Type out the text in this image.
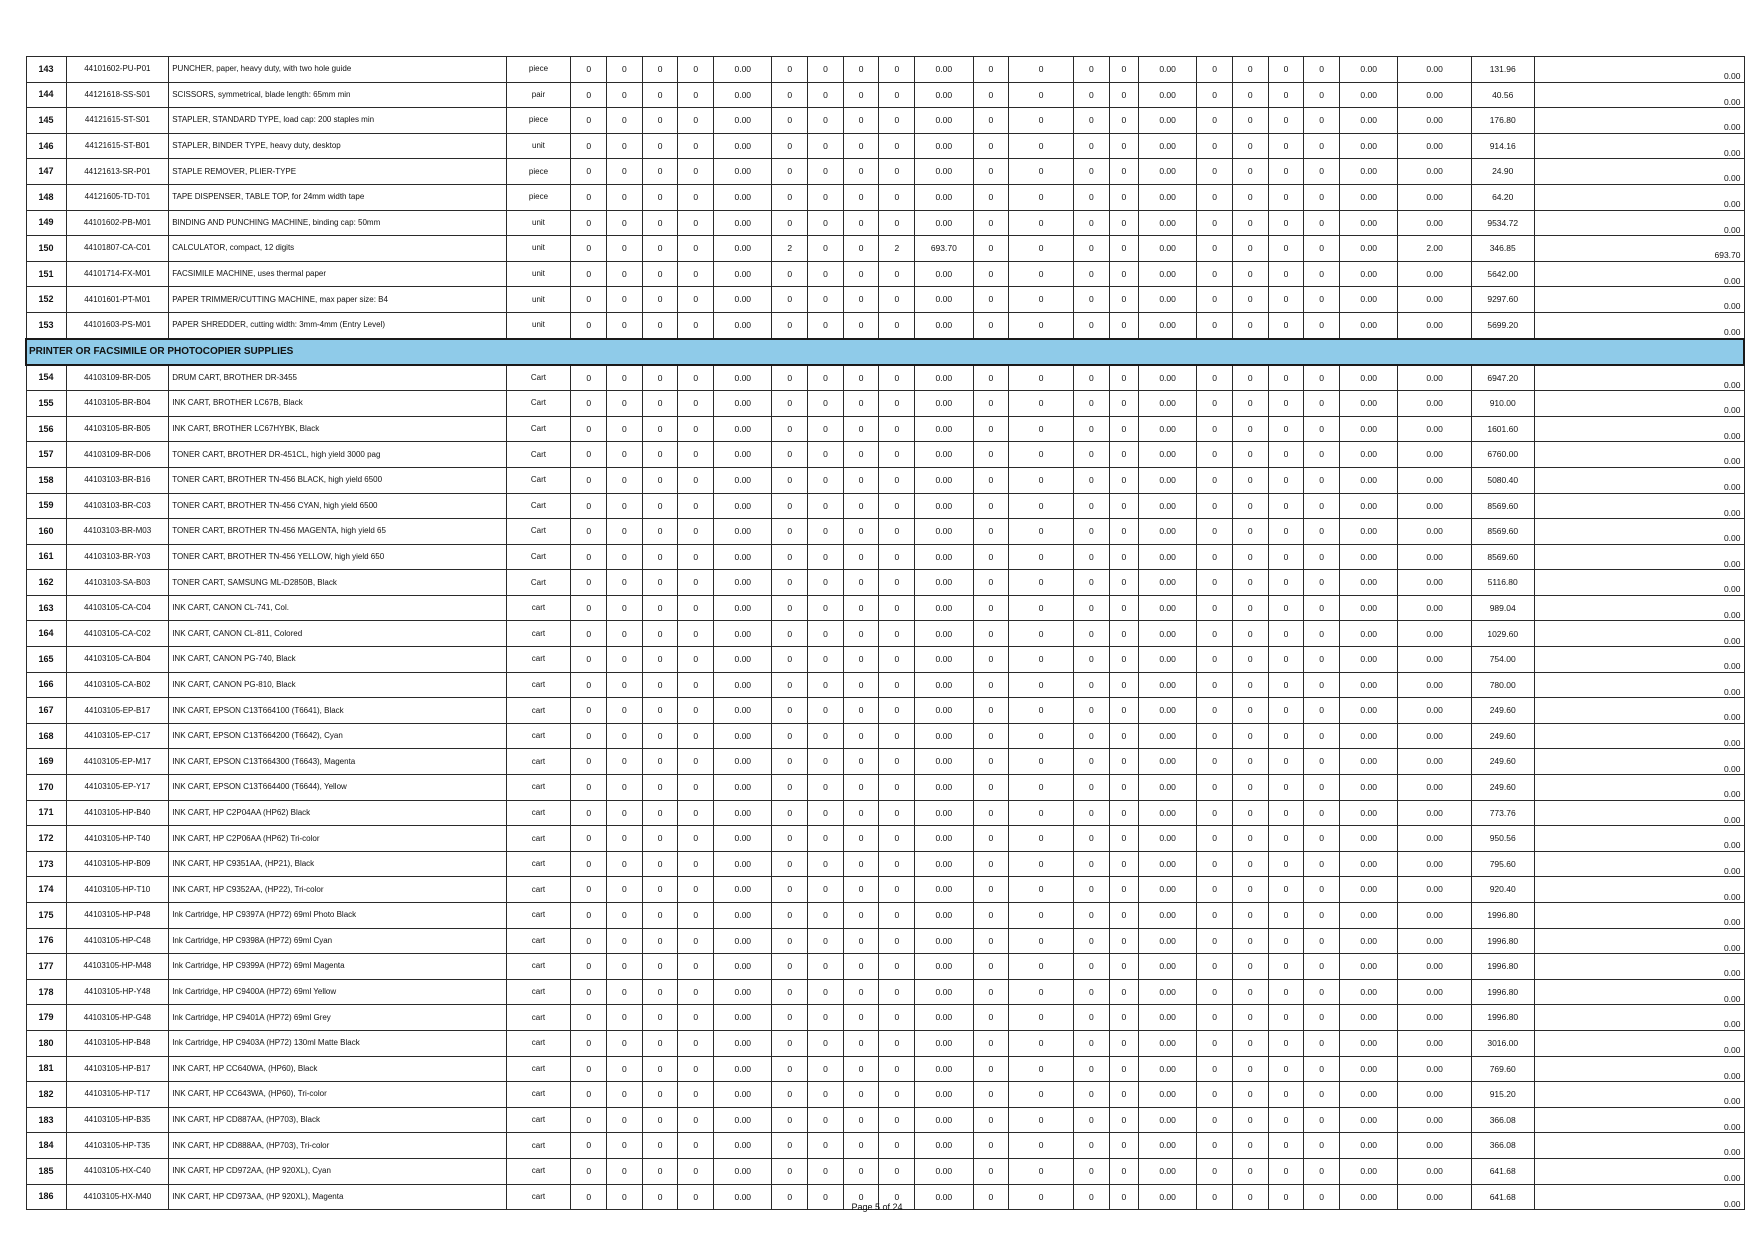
143	44101602-PU-P01	PUNCHER, paper, heavy duty, with two hole guide	piece	0	0	0	0	0.00	0	0	0	0	0.00	0	0	0	0	0.00	0	0	0	0	0.00	0.00	131.96	0.00
144	44121618-SS-S01	SCISSORS, symmetrical, blade length: 65mm min	pair	0	0	0	0	0.00	0	0	0	0	0.00	0	0	0	0	0.00	0	0	0	0	0.00	0.00	40.56	0.00
145	44121615-ST-S01	STAPLER, STANDARD TYPE, load cap: 200 staples min	piece	0	0	0	0	0.00	0	0	0	0	0.00	0	0	0	0	0.00	0	0	0	0	0.00	0.00	176.80	0.00
146	44121615-ST-B01	STAPLER, BINDER TYPE, heavy duty, desktop	unit	0	0	0	0	0.00	0	0	0	0	0.00	0	0	0	0	0.00	0	0	0	0	0.00	0.00	914.16	0.00
147	44121613-SR-P01	STAPLE REMOVER, PLIER-TYPE	piece	0	0	0	0	0.00	0	0	0	0	0.00	0	0	0	0	0.00	0	0	0	0	0.00	0.00	24.90	0.00
148	44121605-TD-T01	TAPE DISPENSER, TABLE TOP, for 24mm width tape	piece	0	0	0	0	0.00	0	0	0	0	0.00	0	0	0	0	0.00	0	0	0	0	0.00	0.00	64.20	0.00
149	44101602-PB-M01	BINDING AND PUNCHING MACHINE, binding cap: 50mm	unit	0	0	0	0	0.00	0	0	0	0	0.00	0	0	0	0	0.00	0	0	0	0	0.00	0.00	9534.72	0.00
150	44101807-CA-C01	CALCULATOR, compact, 12 digits	unit	0	0	0	0	0.00	2	0	0	2	693.70	0	0	0	0	0.00	0	0	0	0	0.00	2.00	346.85	693.70
151	44101714-FX-M01	FACSIMILE MACHINE, uses thermal paper	unit	0	0	0	0	0.00	0	0	0	0	0.00	0	0	0	0	0.00	0	0	0	0	0.00	0.00	5642.00	0.00
152	44101601-PT-M01	PAPER TRIMMER/CUTTING MACHINE, max paper size: B4	unit	0	0	0	0	0.00	0	0	0	0	0.00	0	0	0	0	0.00	0	0	0	0	0.00	0.00	9297.60	0.00
153	44101603-PS-M01	PAPER SHREDDER, cutting width: 3mm-4mm (Entry Level)	unit	0	0	0	0	0.00	0	0	0	0	0.00	0	0	0	0	0.00	0	0	0	0	0.00	0.00	5699.20	0.00
PRINTER OR FACSIMILE OR PHOTOCOPIER SUPPLIES																										
154	44103109-BR-D05	DRUM CART, BROTHER DR-3455	Cart	0	0	0	0	0.00	0	0	0	0	0.00	0	0	0	0	0.00	0	0	0	0	0.00	0.00	6947.20	0.00
155	44103105-BR-B04	INK CART, BROTHER LC67B, Black	Cart	0	0	0	0	0.00	0	0	0	0	0.00	0	0	0	0	0.00	0	0	0	0	0.00	0.00	910.00	0.00
156	44103105-BR-B05	INK CART, BROTHER LC67HYBK, Black	Cart	0	0	0	0	0.00	0	0	0	0	0.00	0	0	0	0	0.00	0	0	0	0	0.00	0.00	1601.60	0.00
157	44103109-BR-D06	TONER CART, BROTHER DR-451CL, high yield 3000 pag	Cart	0	0	0	0	0.00	0	0	0	0	0.00	0	0	0	0	0.00	0	0	0	0	0.00	0.00	6760.00	0.00
158	44103103-BR-B16	TONER CART, BROTHER TN-456 BLACK, high yield 6500	Cart	0	0	0	0	0.00	0	0	0	0	0.00	0	0	0	0	0.00	0	0	0	0	0.00	0.00	5080.40	0.00
159	44103103-BR-C03	TONER CART, BROTHER TN-456 CYAN, high yield 6500	Cart	0	0	0	0	0.00	0	0	0	0	0.00	0	0	0	0	0.00	0	0	0	0	0.00	0.00	8569.60	0.00
160	44103103-BR-M03	TONER CART, BROTHER TN-456 MAGENTA, high yield 65	Cart	0	0	0	0	0.00	0	0	0	0	0.00	0	0	0	0	0.00	0	0	0	0	0.00	0.00	8569.60	0.00
161	44103103-BR-Y03	TONER CART, BROTHER TN-456 YELLOW, high yield 650	Cart	0	0	0	0	0.00	0	0	0	0	0.00	0	0	0	0	0.00	0	0	0	0	0.00	0.00	8569.60	0.00
162	44103103-SA-B03	TONER CART, SAMSUNG ML-D2850B, Black	Cart	0	0	0	0	0.00	0	0	0	0	0.00	0	0	0	0	0.00	0	0	0	0	0.00	0.00	5116.80	0.00
163	44103105-CA-C04	INK CART, CANON CL-741, Col.	cart	0	0	0	0	0.00	0	0	0	0	0.00	0	0	0	0	0.00	0	0	0	0	0.00	0.00	989.04	0.00
164	44103105-CA-C02	INK CART, CANON CL-811, Colored	cart	0	0	0	0	0.00	0	0	0	0	0.00	0	0	0	0	0.00	0	0	0	0	0.00	0.00	1029.60	0.00
165	44103105-CA-B04	INK CART, CANON PG-740, Black	cart	0	0	0	0	0.00	0	0	0	0	0.00	0	0	0	0	0.00	0	0	0	0	0.00	0.00	754.00	0.00
166	44103105-CA-B02	INK CART, CANON PG-810, Black	cart	0	0	0	0	0.00	0	0	0	0	0.00	0	0	0	0	0.00	0	0	0	0	0.00	0.00	780.00	0.00
167	44103105-EP-B17	INK CART, EPSON C13T664100 (T6641), Black	cart	0	0	0	0	0.00	0	0	0	0	0.00	0	0	0	0	0.00	0	0	0	0	0.00	0.00	249.60	0.00
168	44103105-EP-C17	INK CART, EPSON C13T664200 (T6642), Cyan	cart	0	0	0	0	0.00	0	0	0	0	0.00	0	0	0	0	0.00	0	0	0	0	0.00	0.00	249.60	0.00
169	44103105-EP-M17	INK CART, EPSON C13T664300 (T6643), Magenta	cart	0	0	0	0	0.00	0	0	0	0	0.00	0	0	0	0	0.00	0	0	0	0	0.00	0.00	249.60	0.00
170	44103105-EP-Y17	INK CART, EPSON C13T664400 (T6644), Yellow	cart	0	0	0	0	0.00	0	0	0	0	0.00	0	0	0	0	0.00	0	0	0	0	0.00	0.00	249.60	0.00
171	44103105-HP-B40	INK CART, HP C2P04AA (HP62) Black	cart	0	0	0	0	0.00	0	0	0	0	0.00	0	0	0	0	0.00	0	0	0	0	0.00	0.00	773.76	0.00
172	44103105-HP-T40	INK CART, HP C2P06AA (HP62) Tri-color	cart	0	0	0	0	0.00	0	0	0	0	0.00	0	0	0	0	0.00	0	0	0	0	0.00	0.00	950.56	0.00
173	44103105-HP-B09	INK CART, HP C9351AA, (HP21), Black	cart	0	0	0	0	0.00	0	0	0	0	0.00	0	0	0	0	0.00	0	0	0	0	0.00	0.00	795.60	0.00
174	44103105-HP-T10	INK CART, HP C9352AA, (HP22), Tri-color	cart	0	0	0	0	0.00	0	0	0	0	0.00	0	0	0	0	0.00	0	0	0	0	0.00	0.00	920.40	0.00
175	44103105-HP-P48	Ink Cartridge, HP C9397A (HP72) 69ml Photo Black	cart	0	0	0	0	0.00	0	0	0	0	0.00	0	0	0	0	0.00	0	0	0	0	0.00	0.00	1996.80	0.00
176	44103105-HP-C48	Ink Cartridge, HP C9398A (HP72) 69ml Cyan	cart	0	0	0	0	0.00	0	0	0	0	0.00	0	0	0	0	0.00	0	0	0	0	0.00	0.00	1996.80	0.00
177	44103105-HP-M48	Ink Cartridge, HP C9399A (HP72) 69ml Magenta	cart	0	0	0	0	0.00	0	0	0	0	0.00	0	0	0	0	0.00	0	0	0	0	0.00	0.00	1996.80	0.00
178	44103105-HP-Y48	Ink Cartridge, HP C9400A (HP72) 69ml Yellow	cart	0	0	0	0	0.00	0	0	0	0	0.00	0	0	0	0	0.00	0	0	0	0	0.00	0.00	1996.80	0.00
179	44103105-HP-G48	Ink Cartridge, HP C9401A (HP72) 69ml Grey	cart	0	0	0	0	0.00	0	0	0	0	0.00	0	0	0	0	0.00	0	0	0	0	0.00	0.00	1996.80	0.00
180	44103105-HP-B48	Ink Cartridge, HP C9403A (HP72) 130ml Matte Black	cart	0	0	0	0	0.00	0	0	0	0	0.00	0	0	0	0	0.00	0	0	0	0	0.00	0.00	3016.00	0.00
181	44103105-HP-B17	INK CART, HP CC640WA, (HP60), Black	cart	0	0	0	0	0.00	0	0	0	0	0.00	0	0	0	0	0.00	0	0	0	0	0.00	0.00	769.60	0.00
182	44103105-HP-T17	INK CART, HP CC643WA, (HP60), Tri-color	cart	0	0	0	0	0.00	0	0	0	0	0.00	0	0	0	0	0.00	0	0	0	0	0.00	0.00	915.20	0.00
183	44103105-HP-B35	INK CART, HP CD887AA, (HP703), Black	cart	0	0	0	0	0.00	0	0	0	0	0.00	0	0	0	0	0.00	0	0	0	0	0.00	0.00	366.08	0.00
184	44103105-HP-T35	INK CART, HP CD888AA, (HP703), Tri-color	cart	0	0	0	0	0.00	0	0	0	0	0.00	0	0	0	0	0.00	0	0	0	0	0.00	0.00	366.08	0.00
185	44103105-HX-C40	INK CART, HP CD972AA, (HP 920XL), Cyan	cart	0	0	0	0	0.00	0	0	0	0	0.00	0	0	0	0	0.00	0	0	0	0	0.00	0.00	641.68	0.00
186	44103105-HX-M40	INK CART, HP CD973AA, (HP 920XL), Magenta	cart	0	0	0	0	0.00	0	0	0	0	0.00	0	0	0	0	0.00	0	0	0	0	0.00	0.00	641.68	0.00
Page 5 of 24
